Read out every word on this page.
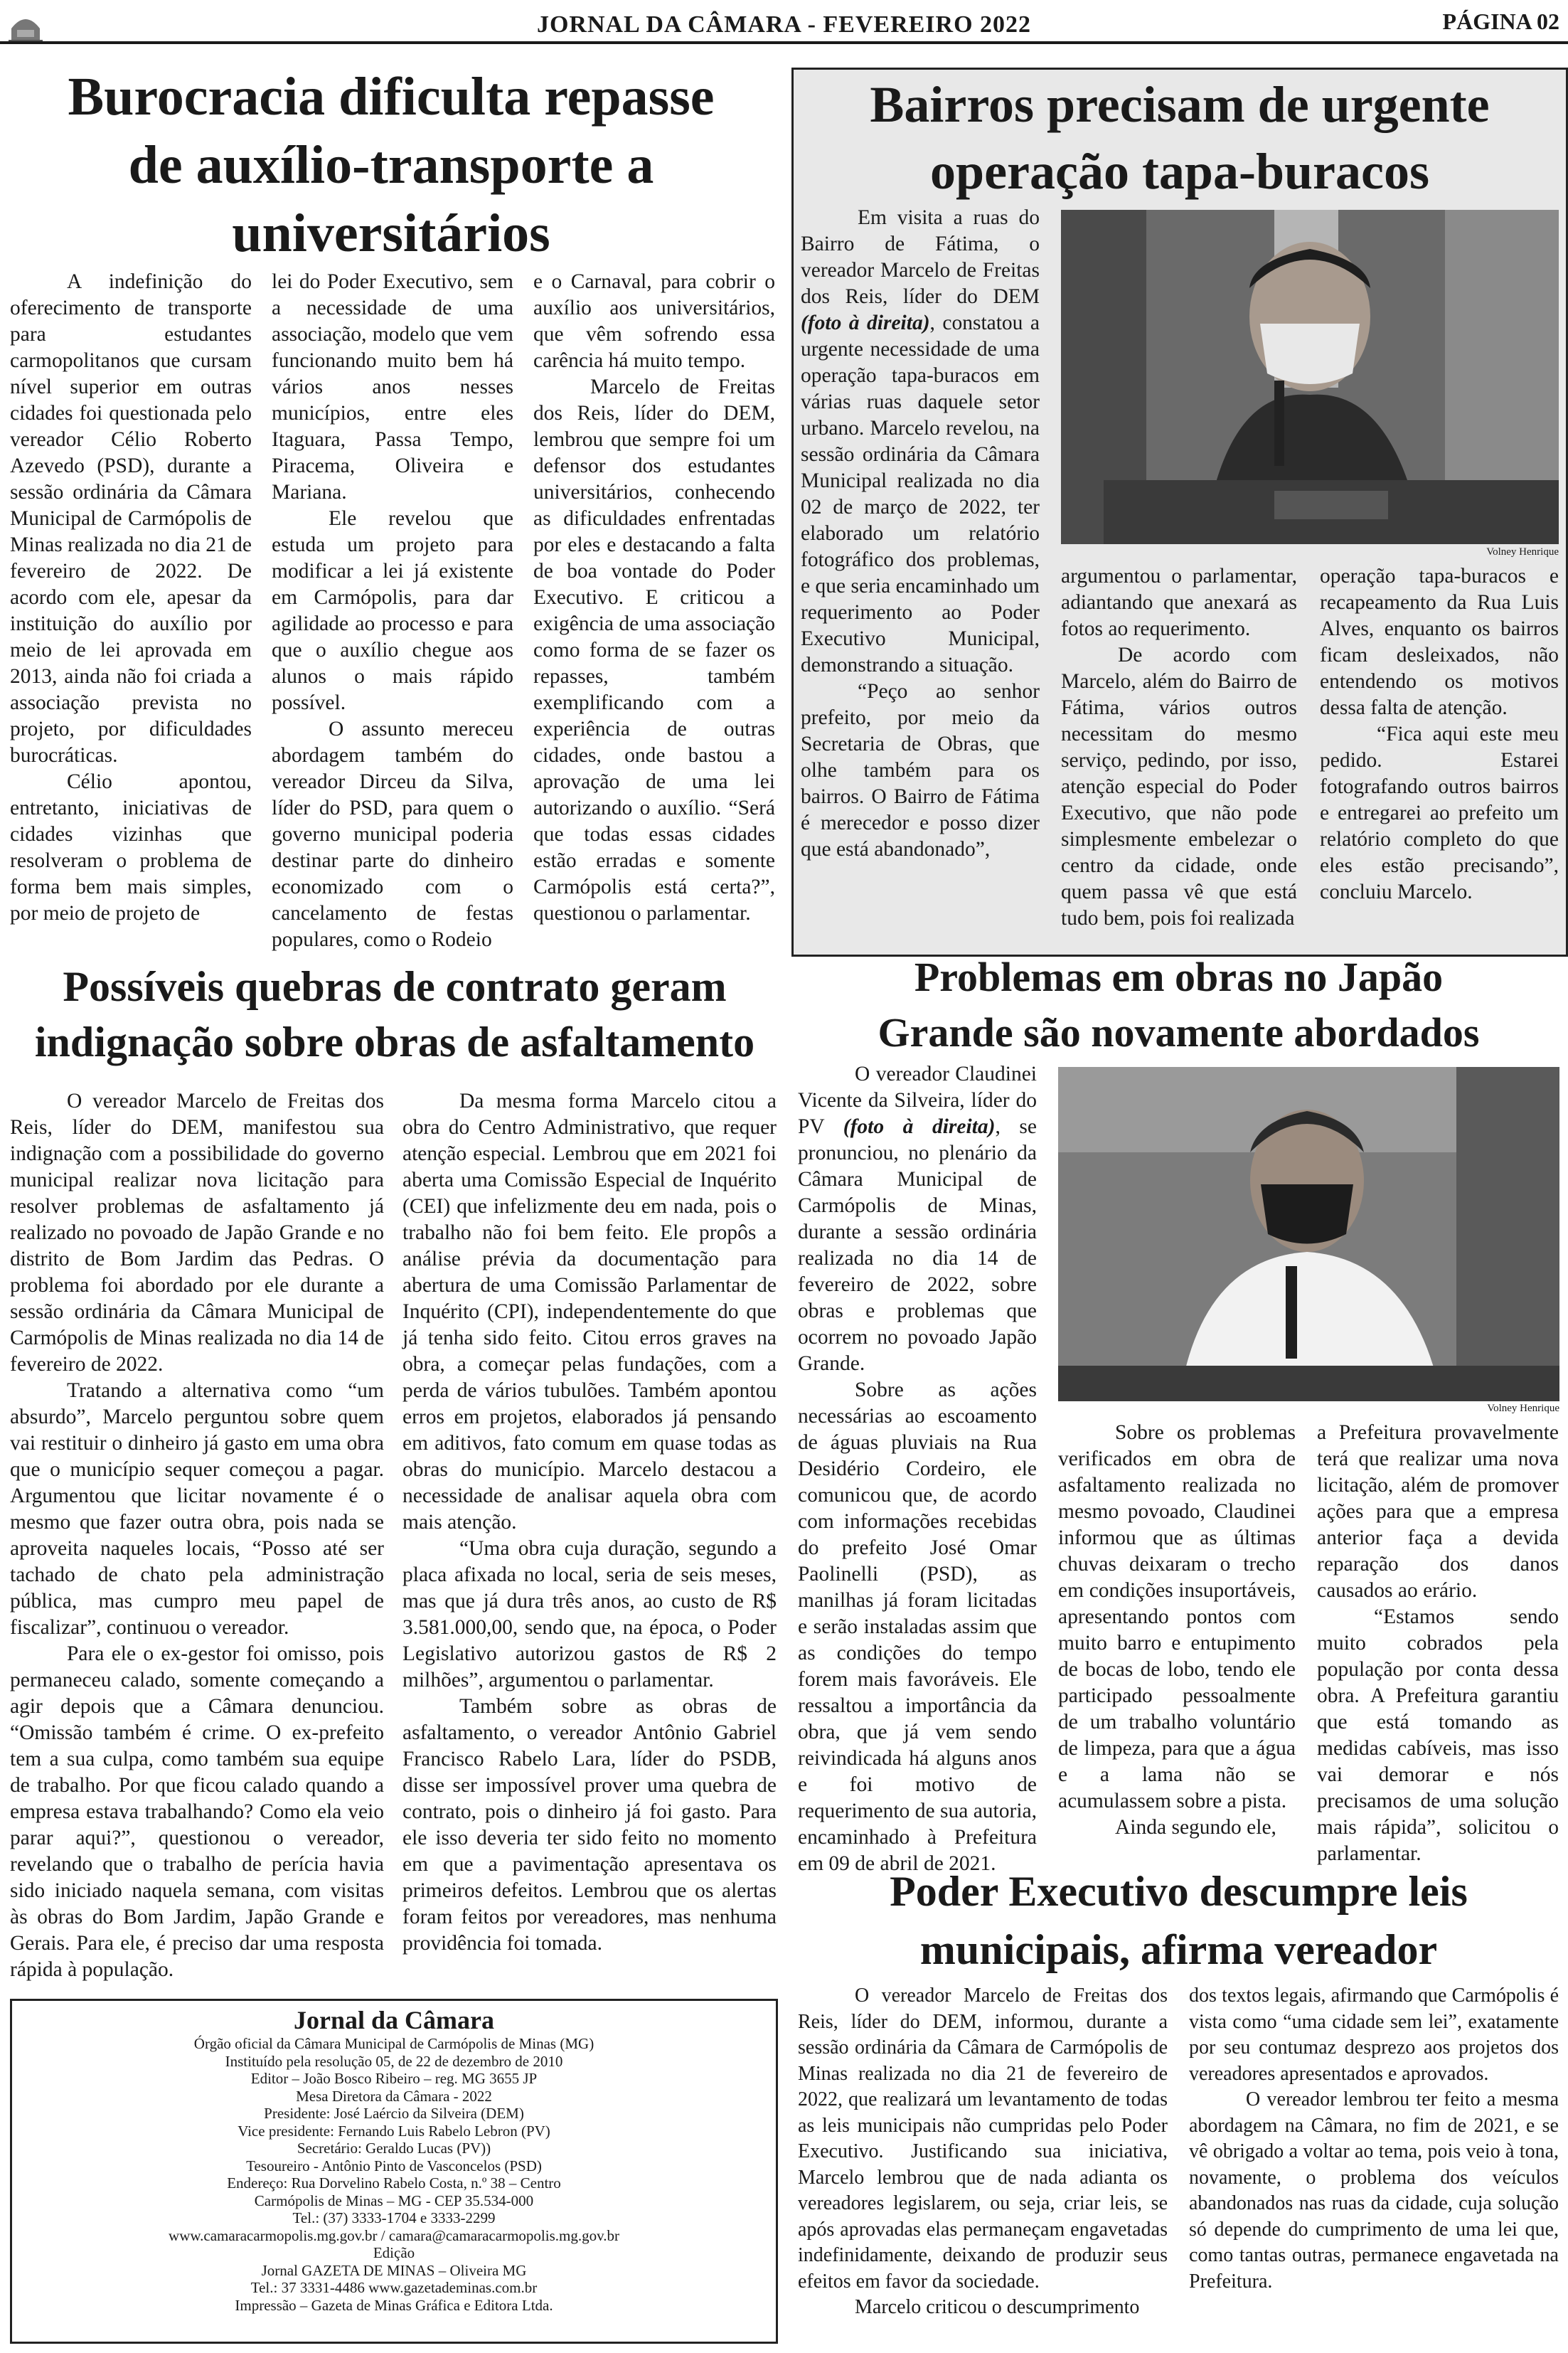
JORNAL DA CÂMARA - FEVEREIRO 2022	PÁGINA 02
Burocracia dificulta repasse
de auxílio-transporte a
universitários

A indefinição do oferecimento de transporte para estudantes carmopolitanos que cursam nível superior em outras cidades foi questionada pelo vereador Célio Roberto Azevedo (PSD), durante a sessão ordinária da Câmara Municipal de Carmópolis de Minas realizada no dia 21 de fevereiro de 2022. De acordo com ele, apesar da instituição do auxílio por meio de lei aprovada em 2013, ainda não foi criada a associação prevista no projeto, por dificuldades burocráticas.

Célio apontou, entretanto, iniciativas de cidades vizinhas que resolveram o problema de forma bem mais simples, por meio de projeto de

lei do Poder Executivo, sem a necessidade de uma associação, modelo que vem funcionando muito bem há vários anos nesses municípios, entre eles Itaguara, Passa Tempo, Piracema, Oliveira e Mariana.

Ele revelou que estuda um projeto para modificar a lei já existente em Carmópolis, para dar agilidade ao processo e para que o auxílio chegue aos alunos o mais rápido possível.

O assunto mereceu abordagem também do vereador Dirceu da Silva, líder do PSD, para quem o governo municipal poderia destinar parte do dinheiro economizado com o cancelamento de festas populares, como o Rodeio

e o Carnaval, para cobrir o auxílio aos universitários, que vêm sofrendo essa carência há muito tempo.

Marcelo de Freitas dos Reis, líder do DEM, lembrou que sempre foi um defensor dos estudantes universitários, conhecendo as dificuldades enfrentadas por eles e destacando a falta de boa vontade do Poder Executivo. E criticou a exigência de uma associação como forma de se fazer os repasses, também exemplificando com a experiência de outras cidades, onde bastou a aprovação de uma lei autorizando o auxílio. “Será que todas essas cidades estão erradas e somente Carmópolis está certa?”, questionou o parlamentar.

Bairros precisam de urgente
operação tapa-buracos

Em visita a ruas do Bairro de Fátima, o vereador Marcelo de Freitas dos Reis, líder do DEM (foto à direita), constatou a urgente necessidade de uma operação tapa-buracos em várias ruas daquele setor urbano. Marcelo revelou, na sessão ordinária da Câmara Municipal realizada no dia 02 de março de 2022, ter elaborado um relatório fotográfico dos problemas, e que seria encaminhado um requerimento ao Poder Executivo Municipal, demonstrando a situação.

“Peço ao senhor prefeito, por meio da Secretaria de Obras, que olhe também para os bairros. O Bairro de Fátima é merecedor e posso dizer que está abandonado”,

Volney Henrique

argumentou o parlamentar, adiantando que anexará as fotos ao requerimento.

De acordo com Marcelo, além do Bairro de Fátima, vários outros necessitam do mesmo serviço, pedindo, por isso, atenção especial do Poder Executivo, que não pode simplesmente embelezar o centro da cidade, onde quem passa vê que está tudo bem, pois foi realizada

operação tapa-buracos e recapeamento da Rua Luis Alves, enquanto os bairros ficam desleixados, não entendendo os motivos dessa falta de atenção.

“Fica aqui este meu pedido. Estarei fotografando outros bairros e entregarei ao prefeito um relatório completo do que eles estão precisando”, concluiu Marcelo.

Possíveis quebras de contrato geram
indignação sobre obras de asfaltamento

O vereador Marcelo de Freitas dos Reis, líder do DEM, manifestou sua indignação com a possibilidade do governo municipal realizar nova licitação para resolver problemas de asfaltamento já realizado no povoado de Japão Grande e no distrito de Bom Jardim das Pedras. O problema foi abordado por ele durante a sessão ordinária da Câmara Municipal de Carmópolis de Minas realizada no dia 14 de fevereiro de 2022.

Tratando a alternativa como “um absurdo”, Marcelo perguntou sobre quem vai restituir o dinheiro já gasto em uma obra que o município sequer começou a pagar. Argumentou que licitar novamente é o mesmo que fazer outra obra, pois nada se aproveita naqueles locais, “Posso até ser tachado de chato pela administração pública, mas cumpro meu papel de fiscalizar”, continuou o vereador.

Para ele o ex-gestor foi omisso, pois permaneceu calado, somente começando a agir depois que a Câmara denunciou. “Omissão também é crime. O ex-prefeito tem a sua culpa, como também sua equipe de trabalho. Por que ficou calado quando a empresa estava trabalhando? Como ela veio parar aqui?”, questionou o vereador, revelando que o trabalho de perícia havia sido iniciado naquela semana, com visitas às obras do Bom Jardim, Japão Grande e Gerais. Para ele, é preciso dar uma resposta rápida à população.

Da mesma forma Marcelo citou a obra do Centro Administrativo, que requer atenção especial. Lembrou que em 2021 foi aberta uma Comissão Especial de Inquérito (CEI) que infelizmente deu em nada, pois o trabalho não foi bem feito. Ele propôs a análise prévia da documentação para abertura de uma Comissão Parlamentar de Inquérito (CPI), independentemente do que já tenha sido feito. Citou erros graves na obra, a começar pelas fundações, com a perda de vários tubulões. Também apontou erros em projetos, elaborados já pensando em aditivos, fato comum em quase todas as obras do município. Marcelo destacou a necessidade de analisar aquela obra com mais atenção.

“Uma obra cuja duração, segundo a placa afixada no local, seria de seis meses, mas que já dura três anos, ao custo de R$ 3.581.000,00, sendo que, na época, o Poder Legislativo autorizou gastos de R$ 2 milhões”, argumentou o parlamentar.

Também sobre as obras de asfaltamento, o vereador Antônio Gabriel Francisco Rabelo Lara, líder do PSDB, disse ser impossível prover uma quebra de contrato, pois o dinheiro já foi gasto. Para ele isso deveria ter sido feito no momento em que a pavimentação apresentava os primeiros defeitos. Lembrou que os alertas foram feitos por vereadores, mas nenhuma providência foi tomada.

Problemas em obras no Japão
Grande são novamente abordados

O vereador Claudinei Vicente da Silveira, líder do PV (foto à direita), se pronunciou, no plenário da Câmara Municipal de Carmópolis de Minas, durante a sessão ordinária realizada no dia 14 de fevereiro de 2022, sobre obras e problemas que ocorrem no povoado Japão Grande.

Sobre as ações necessárias ao escoamento de águas pluviais na Rua Desidério Cordeiro, ele comunicou que, de acordo com informações recebidas do prefeito José Omar Paolinelli (PSD), as manilhas já foram licitadas e serão instaladas assim que as condições do tempo forem mais favoráveis. Ele ressaltou a importância da obra, que já vem sendo reivindicada há alguns anos e foi motivo de requerimento de sua autoria, encaminhado à Prefeitura em 09 de abril de 2021.

Volney Henrique

Sobre os problemas verificados em obra de asfaltamento realizada no mesmo povoado, Claudinei informou que as últimas chuvas deixaram o trecho em condições insuportáveis, apresentando pontos com muito barro e entupimento de bocas de lobo, tendo ele participado pessoalmente de um trabalho voluntário de limpeza, para que a água e a lama não se acumulassem sobre a pista.

Ainda segundo ele,

a Prefeitura provavelmente terá que realizar uma nova licitação, além de promover ações para que a empresa anterior faça a devida reparação dos danos causados ao erário.

“Estamos sendo muito cobrados pela população por conta dessa obra. A Prefeitura garantiu que está tomando as medidas cabíveis, mas isso vai demorar e nós precisamos de uma solução mais rápida”, solicitou o parlamentar.

Poder Executivo descumpre leis
municipais, afirma vereador

O vereador Marcelo de Freitas dos Reis, líder do DEM, informou, durante a sessão ordinária da Câmara de Carmópolis de Minas realizada no dia 21 de fevereiro de 2022, que realizará um levantamento de todas as leis municipais não cumpridas pelo Poder Executivo. Justificando sua iniciativa, Marcelo lembrou que de nada adianta os vereadores legislarem, ou seja, criar leis, se após aprovadas elas permaneçam engavetadas indefinidamente, deixando de produzir seus efeitos em favor da sociedade.

Marcelo criticou o descumprimento

dos textos legais, afirmando que Carmópolis é vista como “uma cidade sem lei”, exatamente por seu contumaz desprezo aos projetos dos vereadores apresentados e aprovados.

O vereador lembrou ter feito a mesma abordagem na Câmara, no fim de 2021, e se vê obrigado a voltar ao tema, pois veio à tona, novamente, o problema dos veículos abandonados nas ruas da cidade, cuja solução só depende do cumprimento de uma lei que, como tantas outras, permanece engavetada na Prefeitura.

Jornal da Câmara
Órgão oficial da Câmara Municipal de Carmópolis de Minas (MG)
Instituído pela resolução 05, de 22 de dezembro de 2010
Editor – João Bosco Ribeiro – reg. MG 3655 JP
Mesa Diretora da Câmara - 2022
Presidente: José Laércio da Silveira (DEM)
Vice presidente: Fernando Luis Rabelo Lebron (PV)
Secretário: Geraldo Lucas (PV))
Tesoureiro - Antônio Pinto de Vasconcelos (PSD)
Endereço: Rua Dorvelino Rabelo Costa, n.º 38 – Centro
Carmópolis de Minas – MG - CEP 35.534-000
Tel.: (37) 3333-1704 e 3333-2299
www.camaracarmopolis.mg.gov.br / camara@camaracarmopolis.mg.gov.br
Edição
Jornal GAZETA DE MINAS – Oliveira MG
Tel.: 37 3331-4486 www.gazetademinas.com.br
Impressão – Gazeta de Minas Gráfica e Editora Ltda.
